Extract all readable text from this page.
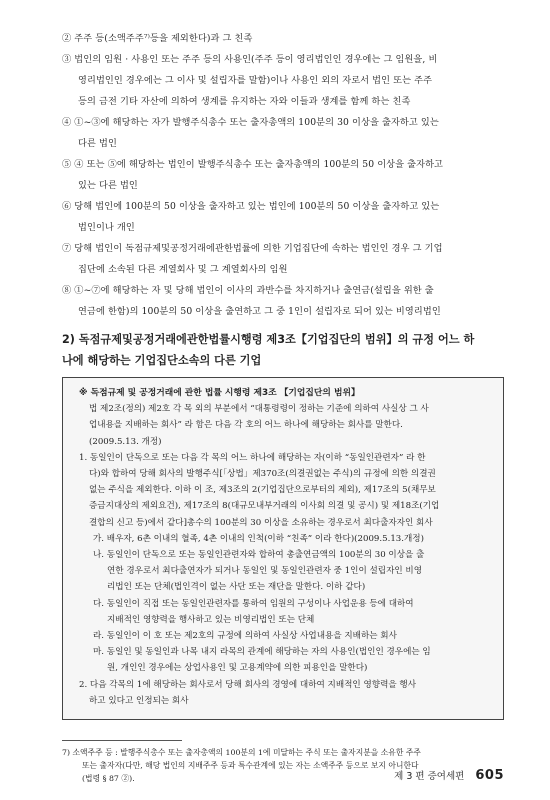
② 주주 등(소액주주⁷⁾등을 제외한다)과 그 친족
③ 법인의 임원 · 사용인 또는 주주 등의 사용인(주주 등이 영리법인인 경우에는 그 임원을, 비
영리법인인 경우에는 그 이사 및 설립자를 말함)이나 사용인 외의 자로서 법인 또는 주주
등의 금전 기타 자산에 의하여 생계를 유지하는 자와 이들과 생계를 함께 하는 친족
④ ①~③에 해당하는 자가 발행주식총수 또는 출자총액의 100분의 30 이상을 출자하고 있는
다른 법인
⑤ ④ 또는 ⑤에 해당하는 법인이 발행주식총수 또는 출자총액의 100분의 50 이상을 출자하고
있는 다른 법인
⑥ 당해 법인에 100분의 50 이상을 출자하고 있는 법인에 100분의 50 이상을 출자하고 있는
법인이나 개인
⑦ 당해 법인이 독점규제및공정거래에관한법률에 의한 기업집단에 속하는 법인인 경우 그 기업
집단에 소속된 다른 계열회사 및 그 계열회사의 임원
⑧ ①~⑦에 해당하는 자 및 당해 법인이 이사의 과반수를 차지하거나 출연금(설립을 위한 출
연금에 한함)의 100분의 50 이상을 출연하고 그 중 1인이 설립자로 되어 있는 비영리법인
2) 독점규제및공정거래에관한법률시행령 제3조【기업집단의 범위】의 규정 어느 하
나에 해당하는 기업집단소속의 다른 기업
※ 독점규제 및 공정거래에 관한 법률 시행령 제3조 【기업집단의 범위】

법 제2조(정의) 제2호 각 목 외의 부분에서 “대통령령이 정하는 기준에 의하여 사실상 그 사

업내용을 지배하는 회사” 라 함은 다음 각 호의 어느 하나에 해당하는 회사를 말한다.

(2009.5.13. 개정)

1. 동일인이 단독으로 또는 다음 각 목의 어느 하나에 해당하는 자(이하 “동일인관련자” 라 한

다)와 합하여 당해 회사의 발행주식[「상법」제370조(의결권없는 주식)의 규정에 의한 의결권

없는 주식을 제외한다. 이하 이 조, 제3조의 2(기업집단으로부터의 제외), 제17조의 5(채무보

증금지대상의 제외요건), 제17조의 8(대규모내부거래의 이사회 의결 및 공시) 및 제18조(기업

결합의 신고 등)에서 같다]총수의 100분의 30 이상을 소유하는 경우로서 최다출자자인 회사

가. 배우자, 6촌 이내의 혈족, 4촌 이내의 인척(이하 “친족” 이라 한다)(2009.5.13.개정)

나. 동일인이 단독으로 또는 동일인관련자와 합하여 총출연금액의 100분의 30 이상을 출

연한 경우로서 최다출연자가 되거나 동일인 및 동일인관련자 중 1인이 설립자인 비영

리법인 또는 단체(법인격이 없는 사단 또는 재단을 말한다. 이하 같다)

다. 동일인이 직접 또는 동일인관련자를 통하여 임원의 구성이나 사업운용 등에 대하여

지배적인 영향력을 행사하고 있는 비영리법인 또는 단체

라. 동일인이 이 호 또는 제2호의 규정에 의하여 사실상 사업내용을 지배하는 회사

마. 동일인 및 동일인과 나목 내지 라목의 관계에 해당하는 자의 사용인(법인인 경우에는 임

원, 개인인 경우에는 상업사용인 및 고용계약에 의한 피용인을 말한다)

2. 다음 각목의 1에 해당하는 회사로서 당해 회사의 경영에 대하여 지배적인 영향력을 행사

하고 있다고 인정되는 회사

7) 소액주주 등 : 발행주식총수 또는 출자총액의 100분의 1에 미달하는 주식 또는 출자지분을 소유한 주주
또는 출자자(다만, 해당 법인의 지배주주 등과 특수관계에 있는 자는 소액주주 등으로 보지 아니한다
(법령 § 87 ②).	제 3 편 증여세편 605
